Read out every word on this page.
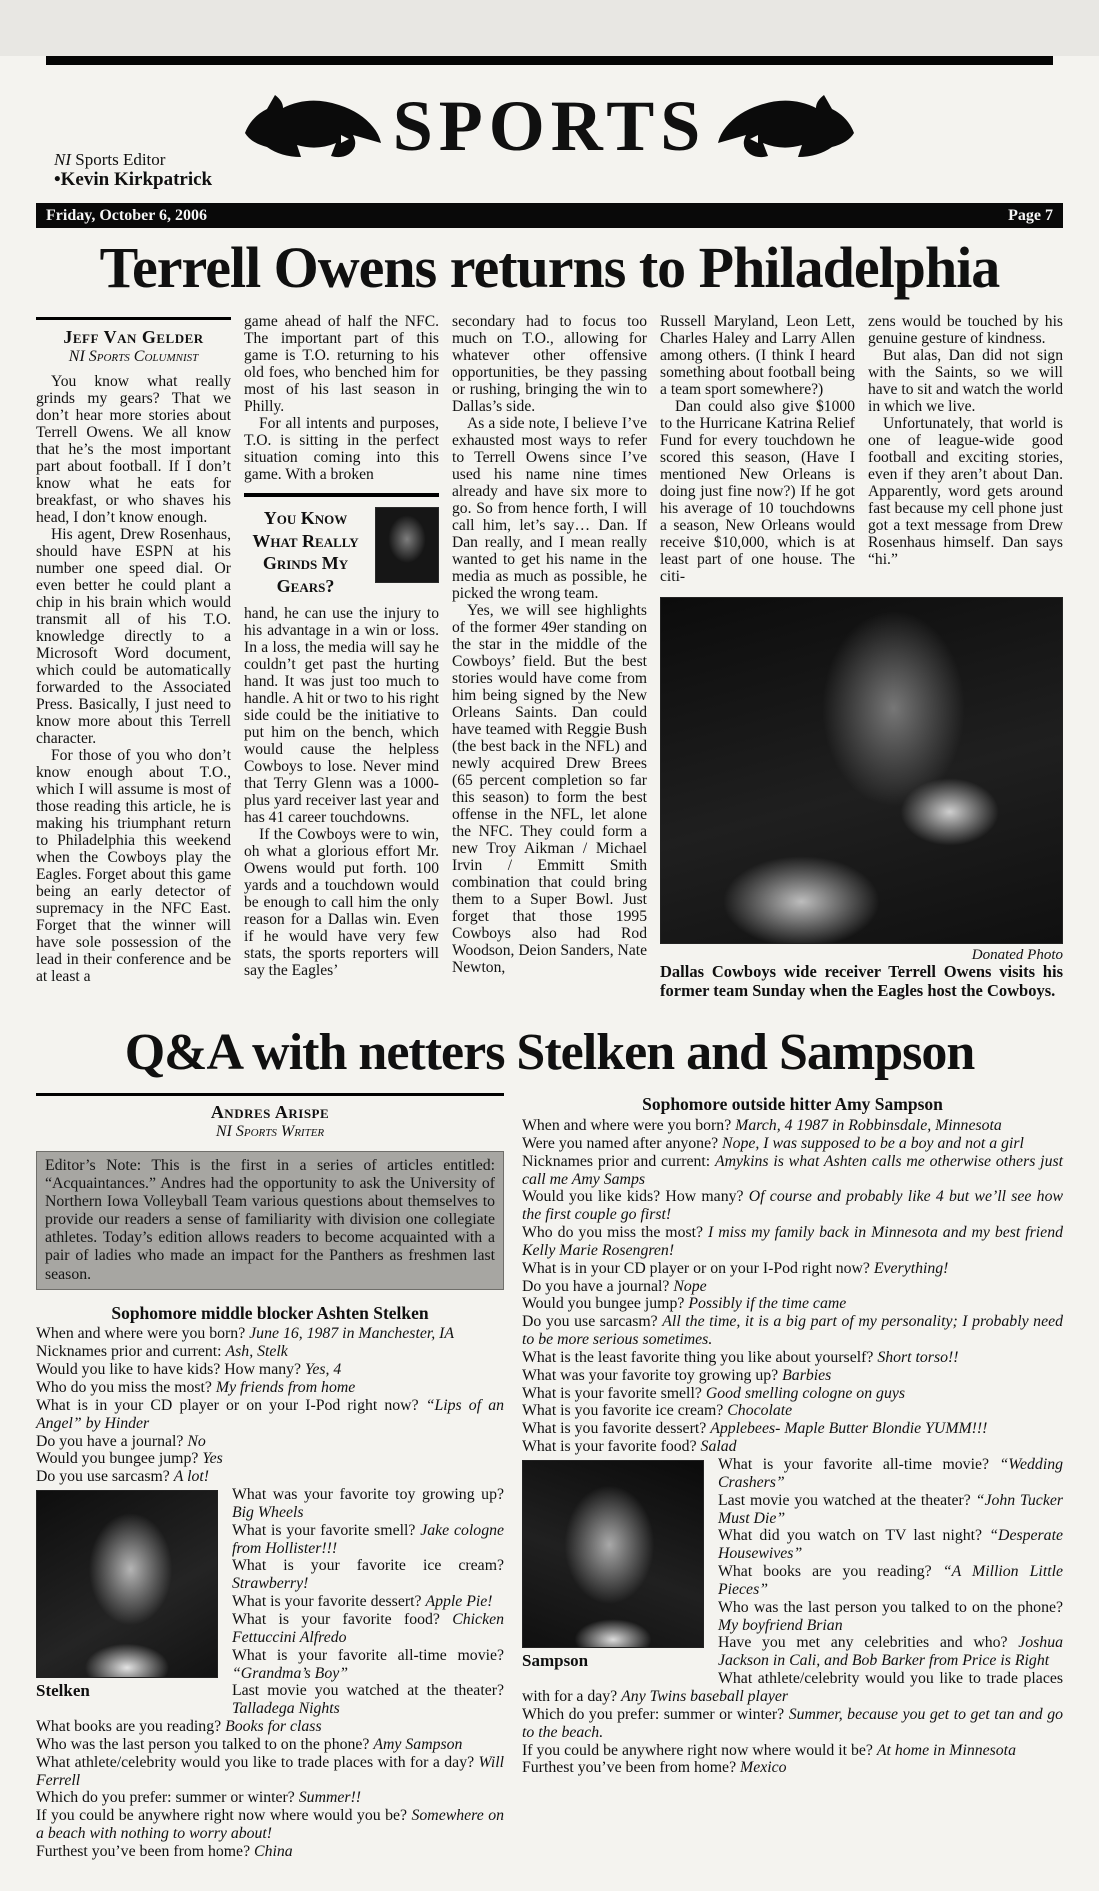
NI Sports Editor
•Kevin Kirkpatrick
SPORTS
Friday, October 6, 2006	Page 7
Terrell Owens returns to Philadelphia
Jeff Van Gelder
NI Sports Columnist

You know what really grinds my gears? That we don’t hear more stories about Terrell Owens. We all know that he’s the most important part about football. If I don’t know what he eats for breakfast, or who shaves his head, I don’t know enough.

His agent, Drew Rosenhaus, should have ESPN at his number one speed dial. Or even better he could plant a chip in his brain which would transmit all of his T.O. knowledge directly to a Microsoft Word document, which could be automatically forwarded to the Associated Press. Basically, I just need to know more about this Terrell character.

For those of you who don’t know enough about T.O., which I will assume is most of those reading this article, he is making his triumphant return to Philadelphia this weekend when the Cowboys play the Eagles. Forget about this game being an early detector of supremacy in the NFC East. Forget that the winner will have sole possession of the lead in their conference and be at least a

game ahead of half the NFC. The important part of this game is T.O. returning to his old foes, who benched him for most of his last season in Philly.

For all intents and purposes, T.O. is sitting in the perfect situation coming into this game. With a broken

You Know What Really Grinds My Gears?

hand, he can use the injury to his advantage in a win or loss. In a loss, the media will say he couldn’t get past the hurting hand. It was just too much to handle. A hit or two to his right side could be the initiative to put him on the bench, which would cause the helpless Cowboys to lose. Never mind that Terry Glenn was a 1000-plus yard receiver last year and has 41 career touchdowns.

If the Cowboys were to win, oh what a glorious effort Mr. Owens would put forth. 100 yards and a touchdown would be enough to call him the only reason for a Dallas win. Even if he would have very few stats, the sports reporters will say the Eagles’

secondary had to focus too much on T.O., allowing for whatever other offensive opportunities, be they passing or rushing, bringing the win to Dallas’s side.

As a side note, I believe I’ve exhausted most ways to refer to Terrell Owens since I’ve used his name nine times already and have six more to go. So from hence forth, I will call him, let’s say… Dan. If Dan really, and I mean really wanted to get his name in the media as much as possible, he picked the wrong team.

Yes, we will see highlights of the former 49er standing on the star in the middle of the Cowboys’ field. But the best stories would have come from him being signed by the New Orleans Saints. Dan could have teamed with Reggie Bush (the best back in the NFL) and newly acquired Drew Brees (65 percent completion so far this season) to form the best offense in the NFL, let alone the NFC. They could form a new Troy Aikman / Michael Irvin / Emmitt Smith combination that could bring them to a Super Bowl. Just forget that those 1995 Cowboys also had Rod Woodson, Deion Sanders, Nate Newton,

Russell Maryland, Leon Lett, Charles Haley and Larry Allen among others. (I think I heard something about football being a team sport somewhere?)

Dan could also give $1000 to the Hurricane Katrina Relief Fund for every touchdown he scored this season, (Have I mentioned New Orleans is doing just fine now?) If he got his average of 10 touchdowns a season, New Orleans would receive $10,000, which is at least part of one house. The citi-

zens would be touched by his genuine gesture of kindness.

But alas, Dan did not sign with the Saints, so we will have to sit and watch the world in which we live.

Unfortunately, that world is one of league-wide good football and exciting stories, even if they aren’t about Dan. Apparently, word gets around fast because my cell phone just got a text message from Drew Rosenhaus himself. Dan says “hi.”

Donated Photo
Dallas Cowboys wide receiver Terrell Owens visits his former team Sunday when the Eagles host the Cowboys.
Q&A with netters Stelken and Sampson
Andres Arispe
NI Sports Writer
Editor’s Note: This is the first in a series of articles entitled: “Acquaintances.” Andres had the opportunity to ask the University of Northern Iowa Volleyball Team various questions about themselves to provide our readers a sense of familiarity with division one collegiate athletes. Today’s edition allows readers to become acquainted with a pair of ladies who made an impact for the Panthers as freshmen last season.
Sophomore middle blocker Ashten Stelken

When and where were you born? June 16, 1987 in Manchester, IA

Nicknames prior and current: Ash, Stelk

Would you like to have kids? How many? Yes, 4

Who do you miss the most? My friends from home

What is in your CD player or on your I-Pod right now? “Lips of an Angel” by Hinder

Do you have a journal? No

Would you bungee jump? Yes

Do you use sarcasm? A lot!

Stelken

What was your favorite toy growing up? Big Wheels

What is your favorite smell? Jake cologne from Hollister!!!

What is your favorite ice cream? Strawberry!

What is your favorite dessert? Apple Pie!

What is your favorite food? Chicken Fettuccini Alfredo

What is your favorite all-time movie? “Grandma’s Boy”

Last movie you watched at the theater? Talladega Nights

What books are you reading? Books for class

Who was the last person you talked to on the phone? Amy Sampson

What athlete/celebrity would you like to trade places with for a day? Will Ferrell

Which do you prefer: summer or winter? Summer!!

If you could be anywhere right now where would you be? Somewhere on a beach with nothing to worry about!

Furthest you’ve been from home? China

Sophomore outside hitter Amy Sampson

When and where were you born? March, 4 1987 in Robbinsdale, Minnesota

Were you named after anyone? Nope, I was supposed to be a boy and not a girl

Nicknames prior and current: Amykins is what Ashten calls me otherwise others just call me Amy Samps

Would you like kids? How many? Of course and probably like 4 but we’ll see how the first couple go first!

Who do you miss the most? I miss my family back in Minnesota and my best friend Kelly Marie Rosengren!

What is in your CD player or on your I-Pod right now? Everything!

Do you have a journal? Nope

Would you bungee jump? Possibly if the time came

Do you use sarcasm? All the time, it is a big part of my personality; I probably need to be more serious sometimes.

What is the least favorite thing you like about yourself? Short torso!!

What was your favorite toy growing up? Barbies

What is your favorite smell? Good smelling cologne on guys

What is you favorite ice cream? Chocolate

What is you favorite dessert? Applebees- Maple Butter Blondie YUMM!!!

What is your favorite food? Salad

Sampson

What is your favorite all-time movie? “Wedding Crashers”

Last movie you watched at the theater? “John Tucker Must Die”

What did you watch on TV last night? “Desperate Housewives”

What books are you reading? “A Million Little Pieces”

Who was the last person you talked to on the phone? My boyfriend Brian

Have you met any celebrities and who? Joshua Jackson in Cali, and Bob Barker from Price is Right

What athlete/celebrity would you like to trade places with for a day? Any Twins baseball player

Which do you prefer: summer or winter? Summer, because you get to get tan and go to the beach.

If you could be anywhere right now where would it be? At home in Minnesota

Furthest you’ve been from home? Mexico
